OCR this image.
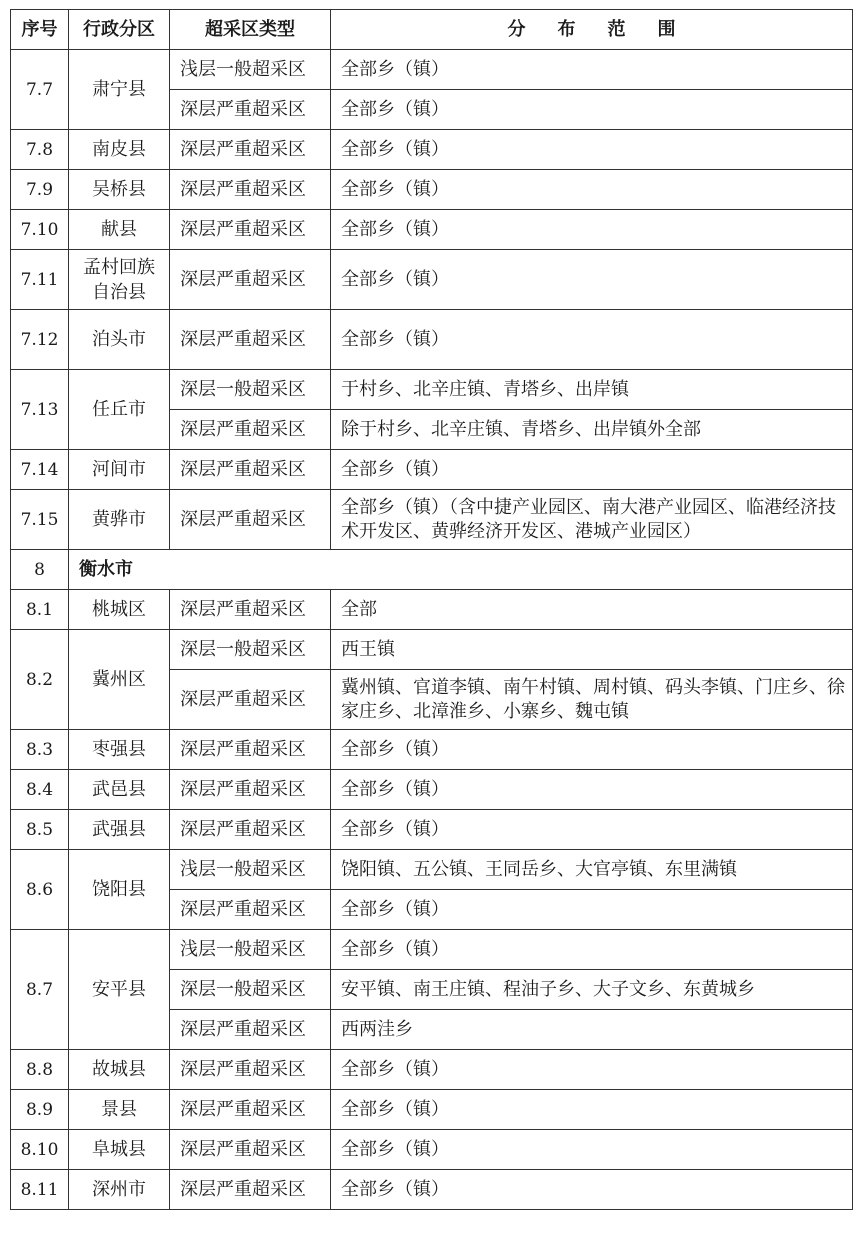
序号	行政分区	超采区类型	分布范围
7.7	肃宁县	浅层一般超采区	全部乡（镇）
		深层严重超采区	全部乡（镇）
7.8	南皮县	深层严重超采区	全部乡（镇）
7.9	吴桥县	深层严重超采区	全部乡（镇）
7.10	献县	深层严重超采区	全部乡（镇）
7.11	孟村回族
自治县	深层严重超采区	全部乡（镇）
7.12	泊头市	深层严重超采区	全部乡（镇）
7.13	任丘市	深层一般超采区	于村乡、北辛庄镇、青塔乡、出岸镇
		深层严重超采区	除于村乡、北辛庄镇、青塔乡、出岸镇外全部
7.14	河间市	深层严重超采区	全部乡（镇）
7.15	黄骅市	深层严重超采区	全部乡（镇）（含中捷产业园区、南大港产业园区、临港经济技术开发区、黄骅经济开发区、港城产业园区）
8	衡水市		
8.1	桃城区	深层严重超采区	全部
8.2	冀州区	深层一般超采区	西王镇
		深层严重超采区	冀州镇、官道李镇、南午村镇、周村镇、码头李镇、门庄乡、徐家庄乡、北漳淮乡、小寨乡、魏屯镇
8.3	枣强县	深层严重超采区	全部乡（镇）
8.4	武邑县	深层严重超采区	全部乡（镇）
8.5	武强县	深层严重超采区	全部乡（镇）
8.6	饶阳县	浅层一般超采区	饶阳镇、五公镇、王同岳乡、大官亭镇、东里满镇
		深层严重超采区	全部乡（镇）
8.7	安平县	浅层一般超采区	全部乡（镇）
		深层一般超采区	安平镇、南王庄镇、程油子乡、大子文乡、东黄城乡
		深层严重超采区	西两洼乡
8.8	故城县	深层严重超采区	全部乡（镇）
8.9	景县	深层严重超采区	全部乡（镇）
8.10	阜城县	深层严重超采区	全部乡（镇）
8.11	深州市	深层严重超采区	全部乡（镇）
